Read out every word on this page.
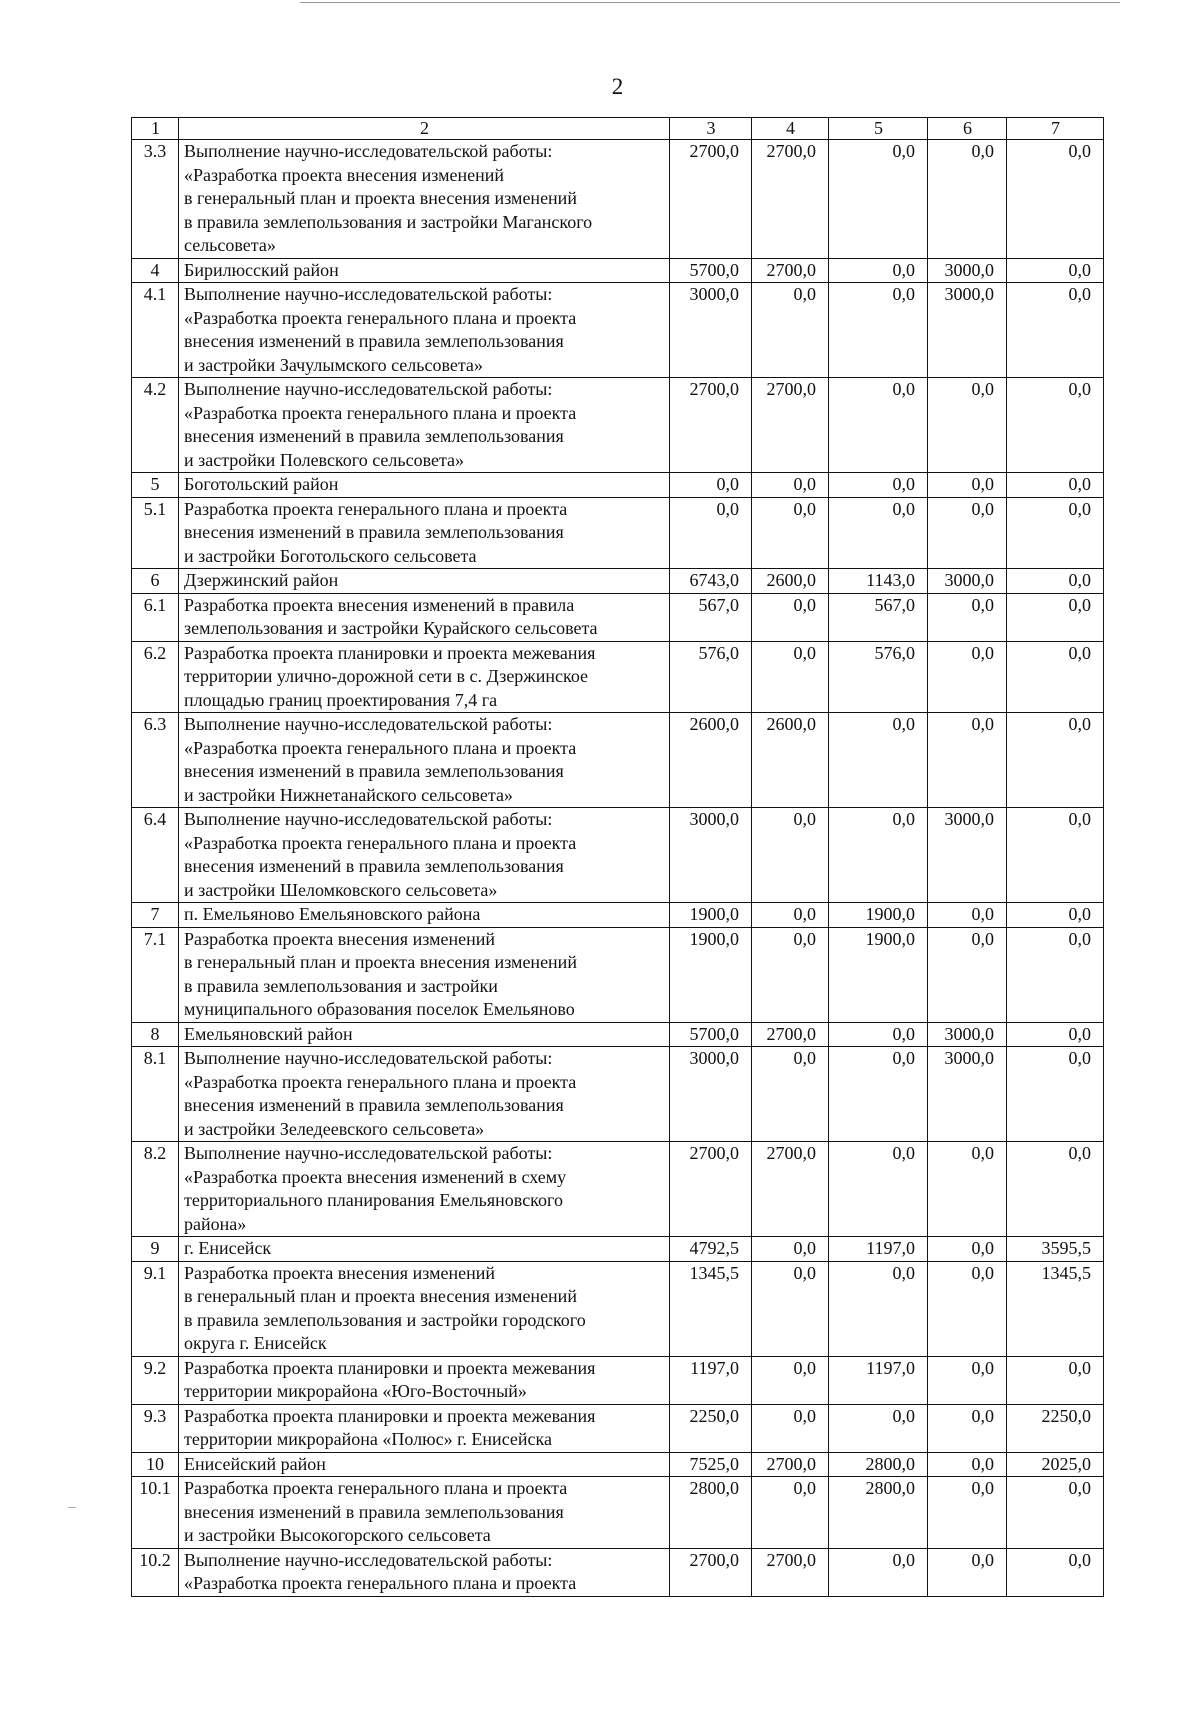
2
1	2	3	4	5	6	7
3.3	Выполнение научно-исследовательской работы:
«Разработка проекта внесения изменений
в генеральный план и проекта внесения изменений
в правила землепользования и застройки Маганского
сельсовета»	2700,0	2700,0	0,0	0,0	0,0
4	Бирилюсский район	5700,0	2700,0	0,0	3000,0	0,0
4.1	Выполнение научно-исследовательской работы:
«Разработка проекта генерального плана и проекта
внесения изменений в правила землепользования
и застройки Зачулымского сельсовета»	3000,0	0,0	0,0	3000,0	0,0
4.2	Выполнение научно-исследовательской работы:
«Разработка проекта генерального плана и проекта
внесения изменений в правила землепользования
и застройки Полевского сельсовета»	2700,0	2700,0	0,0	0,0	0,0
5	Боготольский район	0,0	0,0	0,0	0,0	0,0
5.1	Разработка проекта генерального плана и проекта
внесения изменений в правила землепользования
и застройки Боготольского сельсовета	0,0	0,0	0,0	0,0	0,0
6	Дзержинский район	6743,0	2600,0	1143,0	3000,0	0,0
6.1	Разработка проекта внесения изменений в правила
землепользования и застройки Курайского сельсовета	567,0	0,0	567,0	0,0	0,0
6.2	Разработка проекта планировки и проекта межевания
территории улично-дорожной сети в с. Дзержинское
площадью границ проектирования 7,4 га	576,0	0,0	576,0	0,0	0,0
6.3	Выполнение научно-исследовательской работы:
«Разработка проекта генерального плана и проекта
внесения изменений в правила землепользования
и застройки Нижнетанайского сельсовета»	2600,0	2600,0	0,0	0,0	0,0
6.4	Выполнение научно-исследовательской работы:
«Разработка проекта генерального плана и проекта
внесения изменений в правила землепользования
и застройки Шеломковского сельсовета»	3000,0	0,0	0,0	3000,0	0,0
7	п. Емельяново Емельяновского района	1900,0	0,0	1900,0	0,0	0,0
7.1	Разработка проекта внесения изменений
в генеральный план и проекта внесения изменений
в правила землепользования и застройки
муниципального образования поселок Емельяново	1900,0	0,0	1900,0	0,0	0,0
8	Емельяновский район	5700,0	2700,0	0,0	3000,0	0,0
8.1	Выполнение научно-исследовательской работы:
«Разработка проекта генерального плана и проекта
внесения изменений в правила землепользования
и застройки Зеледеевского сельсовета»	3000,0	0,0	0,0	3000,0	0,0
8.2	Выполнение научно-исследовательской работы:
«Разработка проекта внесения изменений в схему
территориального планирования Емельяновского
района»	2700,0	2700,0	0,0	0,0	0,0
9	г. Енисейск	4792,5	0,0	1197,0	0,0	3595,5
9.1	Разработка проекта внесения изменений
в генеральный план и проекта внесения изменений
в правила землепользования и застройки городского
округа г. Енисейск	1345,5	0,0	0,0	0,0	1345,5
9.2	Разработка проекта планировки и проекта межевания
территории микрорайона «Юго-Восточный»	1197,0	0,0	1197,0	0,0	0,0
9.3	Разработка проекта планировки и проекта межевания
территории микрорайона «Полюс» г. Енисейска	2250,0	0,0	0,0	0,0	2250,0
10	Енисейский район	7525,0	2700,0	2800,0	0,0	2025,0
10.1	Разработка проекта генерального плана и проекта
внесения изменений в правила землепользования
и застройки Высокогорского сельсовета	2800,0	0,0	2800,0	0,0	0,0
10.2	Выполнение научно-исследовательской работы:
«Разработка проекта генерального плана и проекта	2700,0	2700,0	0,0	0,0	0,0
